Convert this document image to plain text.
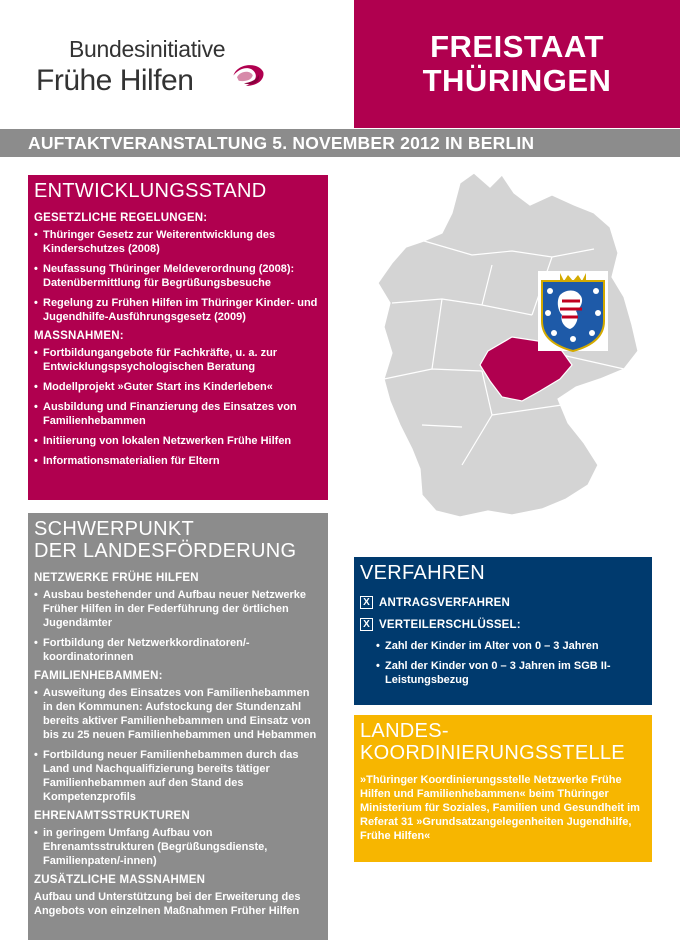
Bundesinitiative
Frühe Hilfen
FREISTAAT
THÜRINGEN
AUFTAKTVERANSTALTUNG 5. NOVEMBER 2012 IN BERLIN
ENTWICKLUNGSSTAND
GESETZLICHE REGELUNGEN:
• Thüringer Gesetz zur Weiterentwicklung des Kinderschutzes (2008)
• Neufassung Thüringer Meldeverordnung (2008): Datenübermittlung für Begrüßungsbesuche
• Regelung zu Frühen Hilfen im Thüringer Kinder- und Jugendhilfe-Ausführungsgesetz (2009)
MASSNAHMEN:
• Fortbildungangebote für Fachkräfte, u. a. zur Entwicklungspsychologischen Beratung
• Modellprojekt »Guter Start ins Kinderleben«
• Ausbildung und Finanzierung des Einsatzes von Familienhebammen
• Initiierung von lokalen Netzwerken Frühe Hilfen
• Informationsmaterialien für Eltern
SCHWERPUNKT
DER LANDESFÖRDERUNG
NETZWERKE FRÜHE HILFEN
• Ausbau bestehender und Aufbau neuer Netzwerke Früher Hilfen in der Federführung der örtlichen Jugendämter
• Fortbildung der Netzwerkkordinatoren/-koordinatorinnen
FAMILIENHEBAMMEN:
• Ausweitung des Einsatzes von Familienhebammen in den Kommunen: Aufstockung der Stundenzahl bereits aktiver Familienhebammen und Einsatz von bis zu 25 neuen Familienhebammen und Hebammen
• Fortbildung neuer Familienhebammen durch das Land und Nachqualifizierung bereits tätiger Familienhebammen auf den Stand des Kompetenzprofils
EHRENAMTSSTRUKTUREN
• in geringem Umfang Aufbau von Ehrenamtsstrukturen (Begrüßungsdienste, Familienpaten/-innen)
ZUSÄTZLICHE MASSNAHMEN
Aufbau und Unterstützung bei der Erweiterung des Angebots von einzelnen Maßnahmen Früher Hilfen
VERFAHREN
X ANTRAGSVERFAHREN
X VERTEILERSCHLÜSSEL:
• Zahl der Kinder im Alter von 0 – 3 Jahren
• Zahl der Kinder von 0 – 3 Jahren im SGB II-Leistungsbezug
LANDES-
KOORDINIERUNGSSTELLE
»Thüringer Koordinierungsstelle Netzwerke Frühe Hilfen und Familienhebammen« beim Thüringer Ministerium für Soziales, Familien und Gesundheit im Referat 31 »Grundsatzangelegenheiten Jugendhilfe, Frühe Hilfen«
